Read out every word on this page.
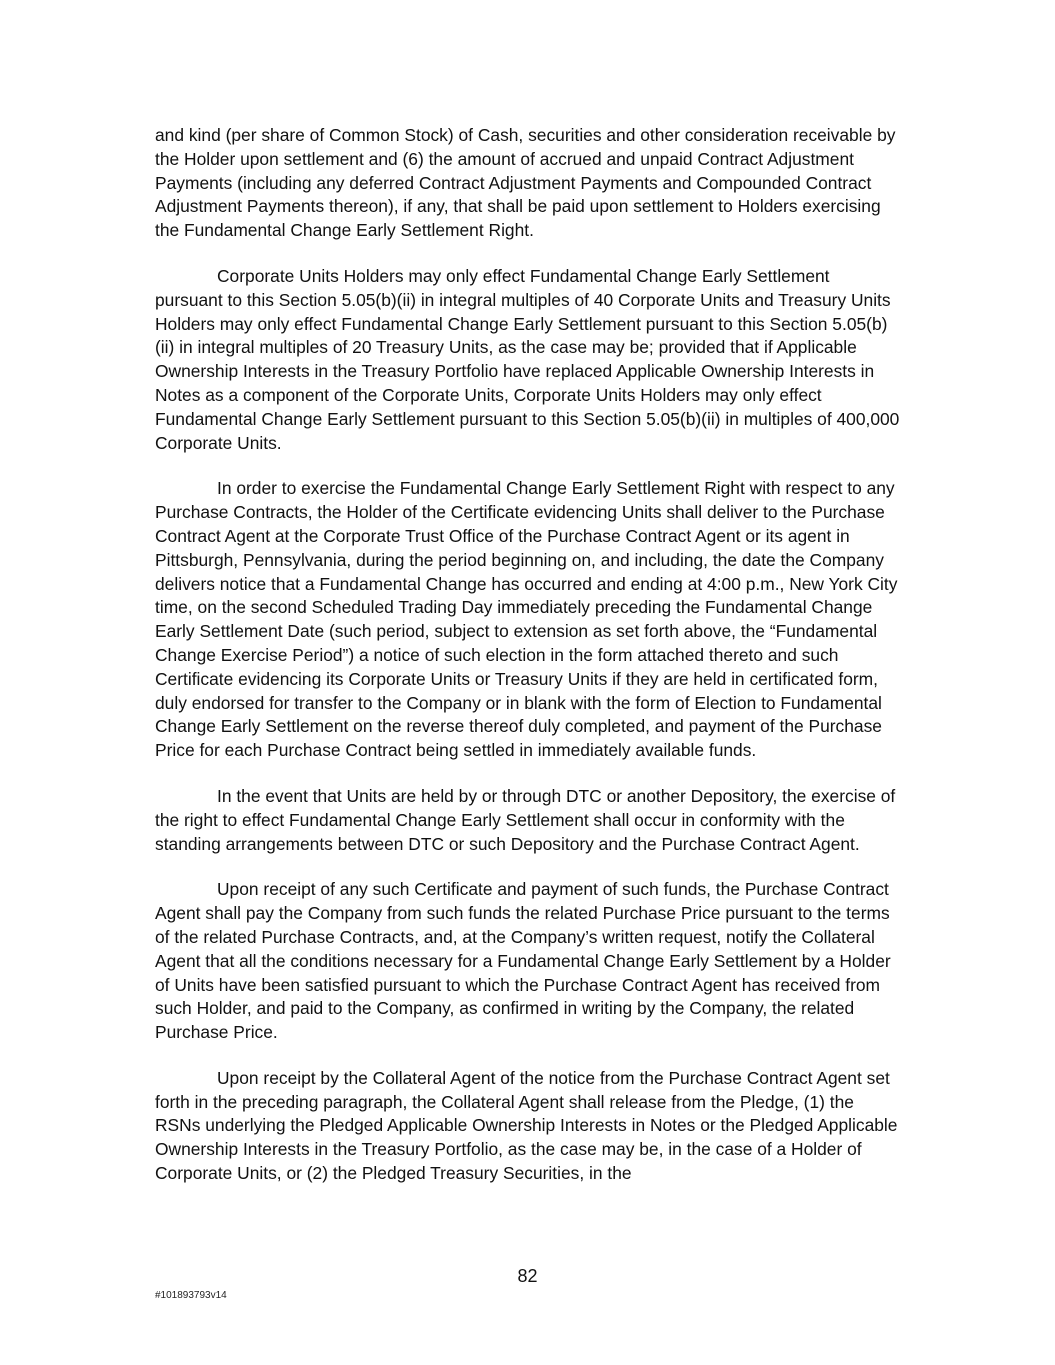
and kind (per share of Common Stock) of Cash, securities and other consideration receivable by the Holder upon settlement and (6) the amount of accrued and unpaid Contract Adjustment Payments (including any deferred Contract Adjustment Payments and Compounded Contract Adjustment Payments thereon), if any, that shall be paid upon settlement to Holders exercising the Fundamental Change Early Settlement Right.

Corporate Units Holders may only effect Fundamental Change Early Settlement pursuant to this Section 5.05(b)(ii) in integral multiples of 40 Corporate Units and Treasury Units Holders may only effect Fundamental Change Early Settlement pursuant to this Section 5.05(b)(ii) in integral multiples of 20 Treasury Units, as the case may be; provided that if Applicable Ownership Interests in the Treasury Portfolio have replaced Applicable Ownership Interests in Notes as a component of the Corporate Units, Corporate Units Holders may only effect Fundamental Change Early Settlement pursuant to this Section 5.05(b)(ii) in multiples of 400,000 Corporate Units.

In order to exercise the Fundamental Change Early Settlement Right with respect to any Purchase Contracts, the Holder of the Certificate evidencing Units shall deliver to the Purchase Contract Agent at the Corporate Trust Office of the Purchase Contract Agent or its agent in Pittsburgh, Pennsylvania, during the period beginning on, and including, the date the Company delivers notice that a Fundamental Change has occurred and ending at 4:00 p.m., New York City time, on the second Scheduled Trading Day immediately preceding the Fundamental Change Early Settlement Date (such period, subject to extension as set forth above, the “Fundamental Change Exercise Period”) a notice of such election in the form attached thereto and such Certificate evidencing its Corporate Units or Treasury Units if they are held in certificated form, duly endorsed for transfer to the Company or in blank with the form of Election to Fundamental Change Early Settlement on the reverse thereof duly completed, and payment of the Purchase Price for each Purchase Contract being settled in immediately available funds.

In the event that Units are held by or through DTC or another Depository, the exercise of the right to effect Fundamental Change Early Settlement shall occur in conformity with the standing arrangements between DTC or such Depository and the Purchase Contract Agent.

Upon receipt of any such Certificate and payment of such funds, the Purchase Contract Agent shall pay the Company from such funds the related Purchase Price pursuant to the terms of the related Purchase Contracts, and, at the Company’s written request, notify the Collateral Agent that all the conditions necessary for a Fundamental Change Early Settlement by a Holder of Units have been satisfied pursuant to which the Purchase Contract Agent has received from such Holder, and paid to the Company, as confirmed in writing by the Company, the related Purchase Price.

Upon receipt by the Collateral Agent of the notice from the Purchase Contract Agent set forth in the preceding paragraph, the Collateral Agent shall release from the Pledge, (1) the RSNs underlying the Pledged Applicable Ownership Interests in Notes or the Pledged Applicable Ownership Interests in the Treasury Portfolio, as the case may be, in the case of a Holder of Corporate Units, or (2) the Pledged Treasury Securities, in the

82
#101893793v14
